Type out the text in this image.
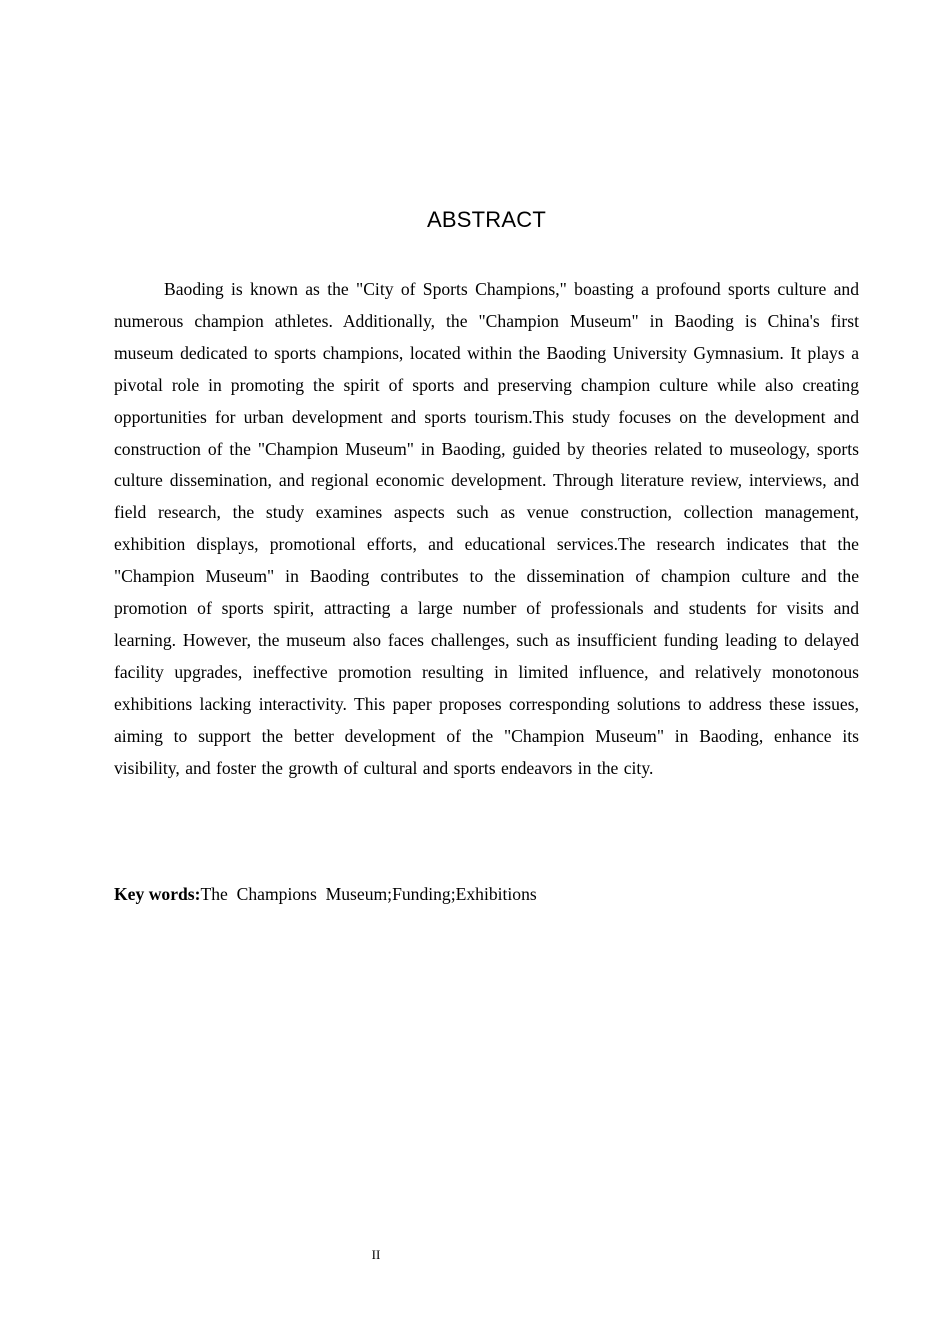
ABSTRACT

Baoding is known as the "City of Sports Champions," boasting a profound sports culture and numerous champion athletes. Additionally, the "Champion Museum" in Baoding is China's first museum dedicated to sports champions, located within the Baoding University Gymnasium. It plays a pivotal role in promoting the spirit of sports and preserving champion culture while also creating opportunities for urban development and sports tourism.This study focuses on the development and construction of the "Champion Museum" in Baoding, guided by theories related to museology, sports culture dissemination, and regional economic development. Through literature review, interviews, and field research, the study examines aspects such as venue construction, collection management, exhibition displays, promotional efforts, and educational services.The research indicates that the "Champion Museum" in Baoding contributes to the dissemination of champion culture and the promotion of sports spirit, attracting a large number of professionals and students for visits and learning. However, the museum also faces challenges, such as insufficient funding leading to delayed facility upgrades, ineffective promotion resulting in limited influence, and relatively monotonous exhibitions lacking interactivity. This paper proposes corresponding solutions to address these issues, aiming to support the better development of the "Champion Museum" in Baoding, enhance its visibility, and foster the growth of cultural and sports endeavors in the city.

Key words:The  Champions  Museum;Funding;Exhibitions

II
